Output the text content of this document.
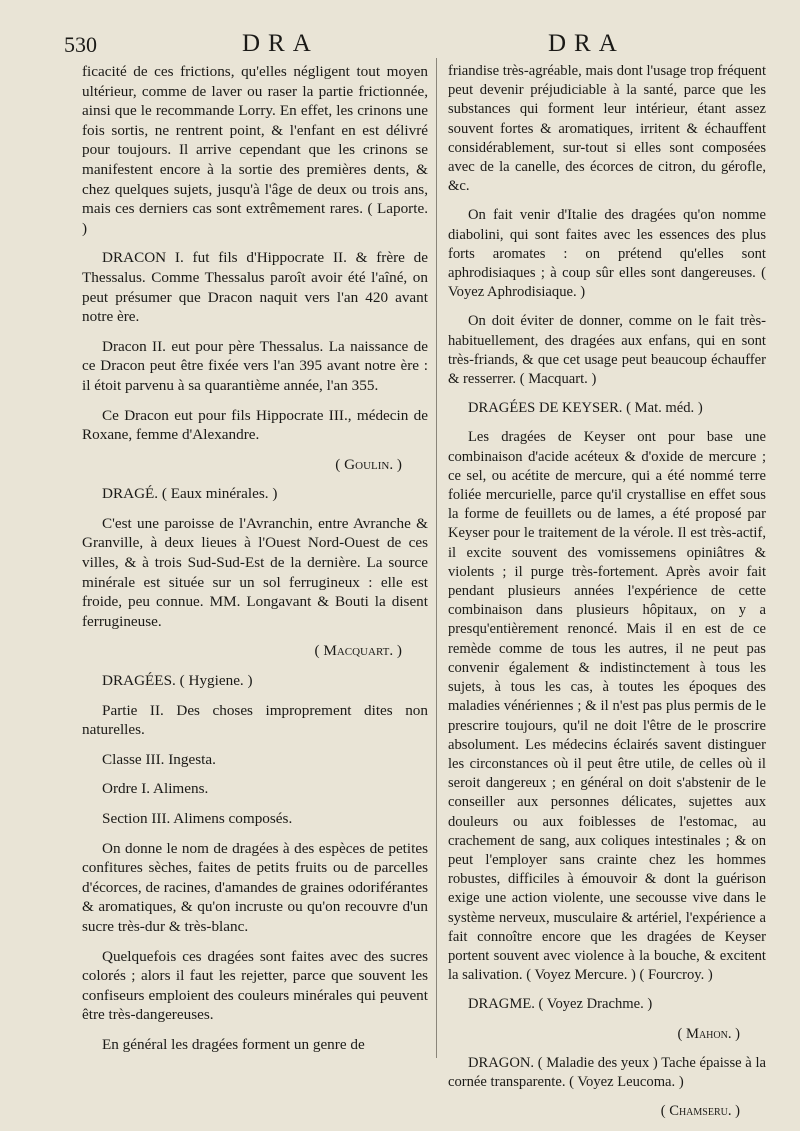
530	DRA	DRA

ficacité de ces frictions, qu'elles négligent tout moyen ultérieur, comme de laver ou raser la partie frictionnée, ainsi que le recommande Lorry. En effet, les crinons une fois sortis, ne rentrent point, & l'enfant en est délivré pour toujours. Il arrive cependant que les crinons se manifestent encore à la sortie des premières dents, & chez quelques sujets, jusqu'à l'âge de deux ou trois ans, mais ces derniers cas sont extrêmement rares. ( Laporte. )

DRACON I. fut fils d'Hippocrate II. & frère de Thessalus. Comme Thessalus paroît avoir été l'aîné, on peut présumer que Dracon naquit vers l'an 420 avant notre ère.

Dracon II. eut pour père Thessalus. La naissance de ce Dracon peut être fixée vers l'an 395 avant notre ère : il étoit parvenu à sa quarantième année, l'an 355.

Ce Dracon eut pour fils Hippocrate III., médecin de Roxane, femme d'Alexandre.

( Goulin. )

DRAGÉ. ( Eaux minérales. )

C'est une paroisse de l'Avranchin, entre Avranche & Granville, à deux lieues à l'Ouest Nord-Ouest de ces villes, & à trois Sud-Sud-Est de la dernière. La source minérale est située sur un sol ferrugineux : elle est froide, peu connue. MM. Longavant & Bouti la disent ferrugineuse.

( Macquart. )

DRAGÉES. ( Hygiene. )

Partie II. Des choses improprement dites non naturelles.

Classe III. Ingesta.

Ordre I. Alimens.

Section III. Alimens composés.

On donne le nom de dragées à des espèces de petites confitures sèches, faites de petits fruits ou de parcelles d'écorces, de racines, d'amandes de graines odoriférantes & aromatiques, & qu'on incruste ou qu'on recouvre d'un sucre très-dur & très-blanc.

Quelquefois ces dragées sont faites avec des sucres colorés ; alors il faut les rejetter, parce que souvent les confiseurs emploient des couleurs minérales qui peuvent être très-dangereuses.

En général les dragées forment un genre de

friandise très-agréable, mais dont l'usage trop fréquent peut devenir préjudiciable à la santé, parce que les substances qui forment leur intérieur, étant assez souvent fortes & aromatiques, irritent & échauffent considérablement, sur-tout si elles sont composées avec de la canelle, des écorces de citron, du gérofle, &c.

On fait venir d'Italie des dragées qu'on nomme diabolini, qui sont faites avec les essences des plus forts aromates : on prétend qu'elles sont aphrodisiaques ; à coup sûr elles sont dangereuses. ( Voyez Aphrodisiaque. )

On doit éviter de donner, comme on le fait très-habituellement, des dragées aux enfans, qui en sont très-friands, & que cet usage peut beaucoup échauffer & resserrer. ( Macquart. )

DRAGÉES DE KEYSER. ( Mat. méd. )

Les dragées de Keyser ont pour base une combinaison d'acide acéteux & d'oxide de mercure ; ce sel, ou acétite de mercure, qui a été nommé terre foliée mercurielle, parce qu'il crystallise en effet sous la forme de feuillets ou de lames, a été proposé par Keyser pour le traitement de la vérole. Il est très-actif, il excite souvent des vomissemens opiniâtres & violents ; il purge très-fortement. Après avoir fait pendant plusieurs années l'expérience de cette combinaison dans plusieurs hôpitaux, on y a presqu'entièrement renoncé. Mais il en est de ce remède comme de tous les autres, il ne peut pas convenir également & indistinctement à tous les sujets, à tous les cas, à toutes les époques des maladies vénériennes ; & il n'est pas plus permis de le prescrire toujours, qu'il ne doit l'être de le proscrire absolument. Les médecins éclairés savent distinguer les circonstances où il peut être utile, de celles où il seroit dangereux ; en général on doit s'abstenir de le conseiller aux personnes délicates, sujettes aux douleurs ou aux foiblesses de l'estomac, au crachement de sang, aux coliques intestinales ; & on peut l'employer sans crainte chez les hommes robustes, difficiles à émouvoir & dont la guérison exige une action violente, une secousse vive dans le système nerveux, musculaire & artériel, l'expérience a fait connoître encore que les dragées de Keyser portent souvent avec violence à la bouche, & excitent la salivation. ( Voyez Mercure. ) ( Fourcroy. )

DRAGME. ( Voyez Drachme. )

( Mahon. )

DRAGON. ( Maladie des yeux ) Tache épaisse à la cornée transparente. ( Voyez Leucoma. )

( Chamseru. )
